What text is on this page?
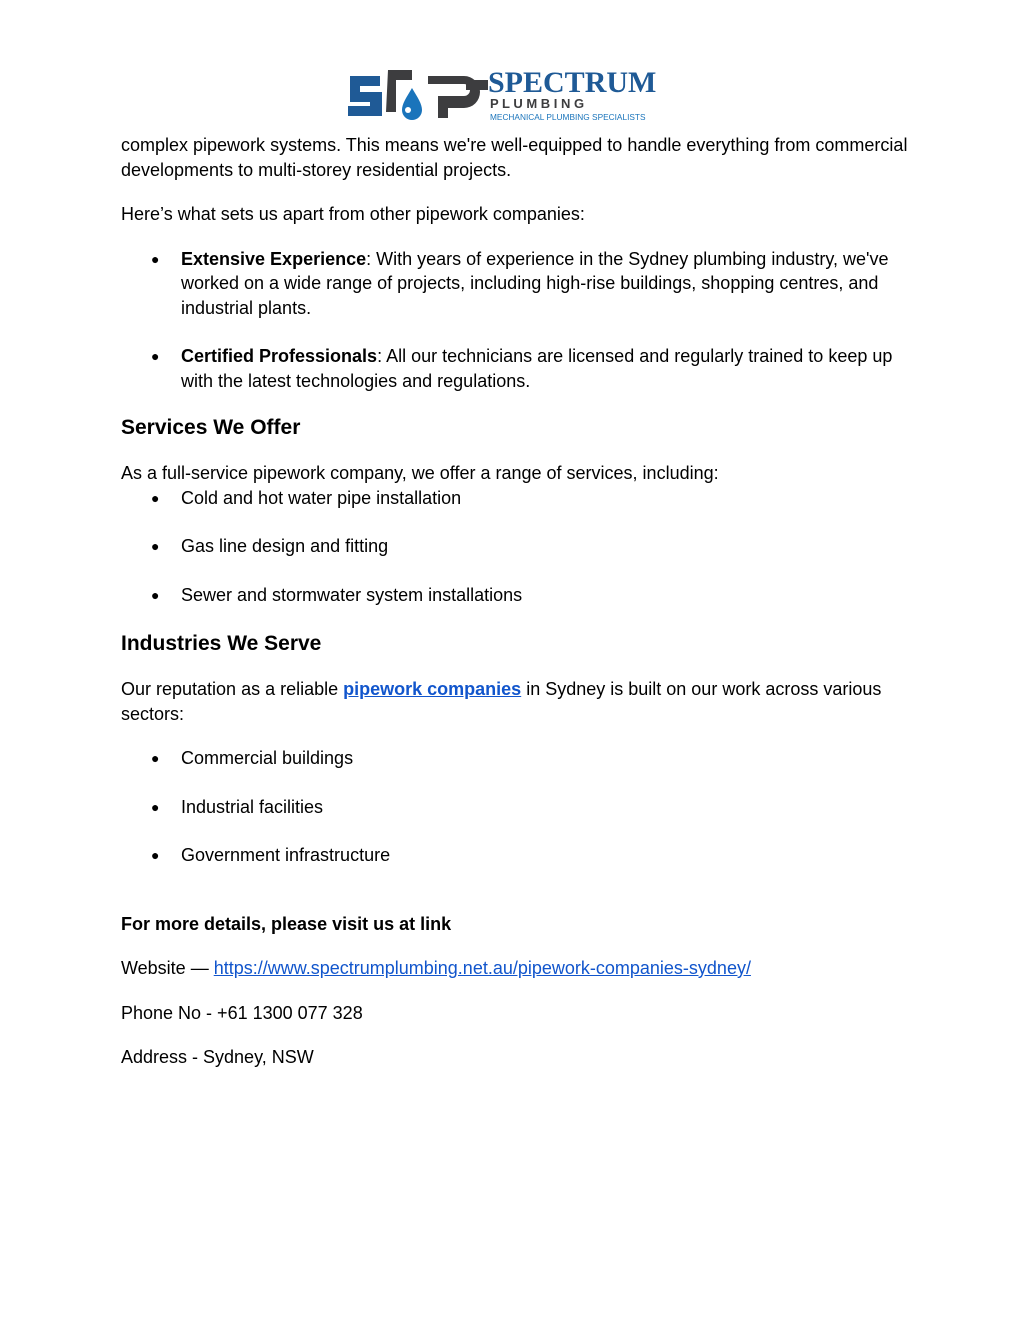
SPECTRUM
P L U M B I N G
MECHANICAL PLUMBING SPECIALISTS

complex pipework systems. This means we're well-equipped to handle everything from commercial developments to multi-storey residential projects.

Here’s what sets us apart from other pipework companies:

● Extensive Experience: With years of experience in the Sydney plumbing industry, we've worked on a wide range of projects, including high-rise buildings, shopping centres, and industrial plants.
● Certified Professionals: All our technicians are licensed and regularly trained to keep up with the latest technologies and regulations.
Services We Offer

As a full-service pipework company, we offer a range of services, including:

● Cold and hot water pipe installation
● Gas line design and fitting
● Sewer and stormwater system installations
Industries We Serve

Our reputation as a reliable pipework companies in Sydney is built on our work across various sectors:

● Commercial buildings
● Industrial facilities
● Government infrastructure

For more details, please visit us at link

Website — https://www.spectrumplumbing.net.au/pipework-companies-sydney/

Phone No - +61 1300 077 328

Address - Sydney, NSW
